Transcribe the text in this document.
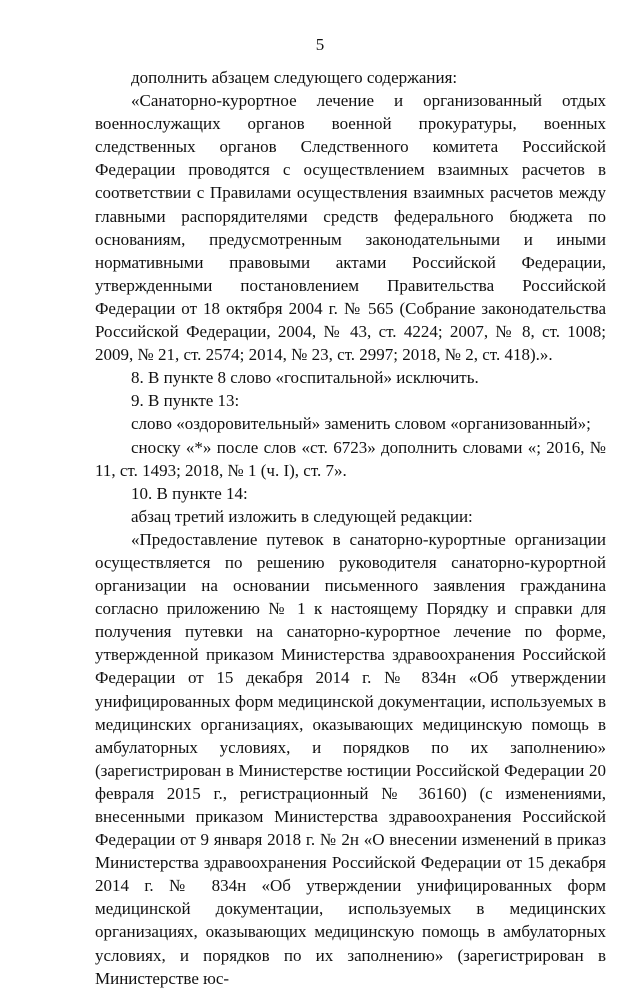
5

дополнить абзацем следующего содержания:

«Санаторно-курортное лечение и организованный отдых военнослужащих органов военной прокуратуры, военных следственных органов Следственного комитета Российской Федерации проводятся с осуществлением взаимных расчетов в соответствии с Правилами осуществления взаимных расчетов между главными распорядителями средств федерального бюджета по основаниям, предусмотренным законодательными и иными нормативными правовыми актами Российской Федерации, утвержденными постановлением Правительства Российской Федерации от 18 октября 2004 г. № 565 (Собрание законодательства Российской Федерации, 2004, № 43, ст. 4224; 2007, № 8, ст. 1008; 2009, № 21, ст. 2574; 2014, № 23, ст. 2997; 2018, № 2, ст. 418).».

8. В пункте 8 слово «госпитальной» исключить.

9. В пункте 13:

слово «оздоровительный» заменить словом «организованный»;

сноску «*» после слов «ст. 6723» дополнить словами «; 2016, № 11, ст. 1493; 2018, № 1 (ч. I), ст. 7».

10. В пункте 14:

абзац третий изложить в следующей редакции:

«Предоставление путевок в санаторно-курортные организации осуществляется по решению руководителя санаторно-курортной организации на основании письменного заявления гражданина согласно приложению № 1 к настоящему Порядку и справки для получения путевки на санаторно-курортное лечение по форме, утвержденной приказом Министерства здравоохранения Российской Федерации от 15 декабря 2014 г. № 834н «Об утверждении унифицированных форм медицинской документации, используемых в медицинских организациях, оказывающих медицинскую помощь в амбулаторных условиях, и порядков по их заполнению» (зарегистрирован в Министерстве юстиции Российской Федерации 20 февраля 2015 г., регистрационный № 36160) (с изменениями, внесенными приказом Министерства здравоохранения Российской Федерации от 9 января 2018 г. № 2н «О внесении изменений в приказ Министерства здравоохранения Российской Федерации от 15 декабря 2014 г. № 834н «Об утверждении унифицированных форм медицинской документации, используемых в медицинских организациях, оказывающих медицинскую помощь в амбулаторных условиях, и порядков по их заполнению» (зарегистрирован в Министерстве юс-
